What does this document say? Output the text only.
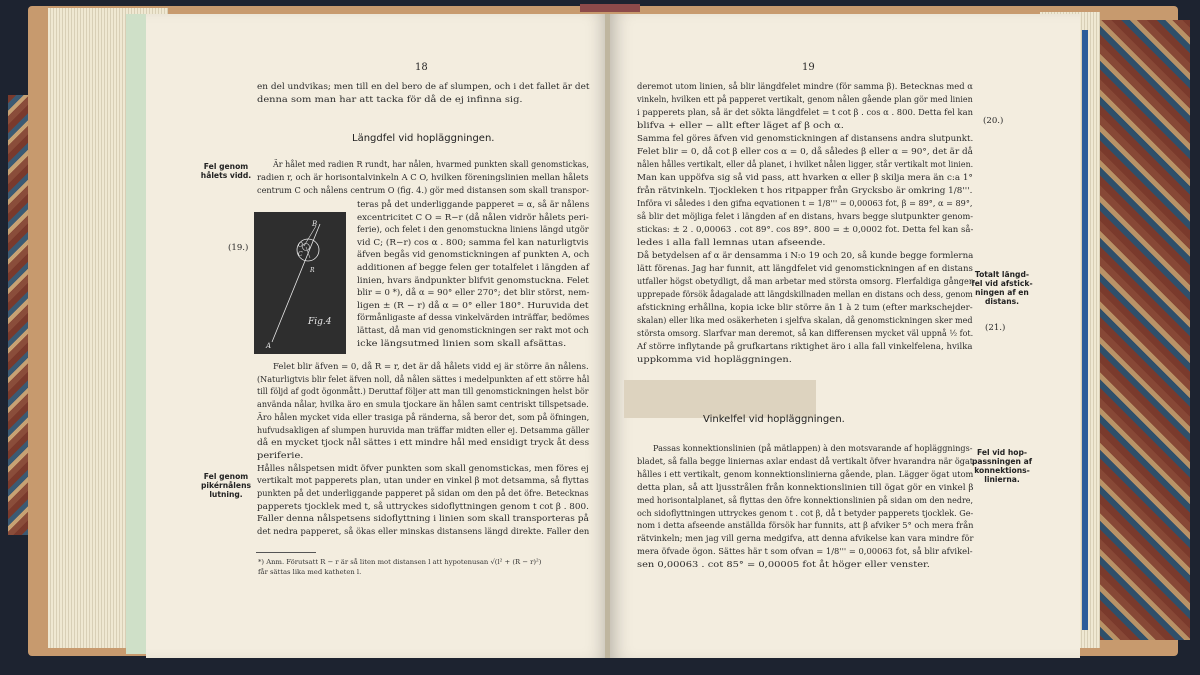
18
en del undvikas; men till en del bero de af slumpen, och i det fallet är det
denna som man har att tacka för då de ej infinna sig.
Längdfel vid hopläggningen.
Fel genom
hålets vidd.
(19.)
Fel genom
pikérnålens
lutning.
B
O
C
R
A
Fig.4
Är hålet med radien R rundt, har nålen, hvarmed punkten skall genomstickas,
radien r, och är horisontalvinkeln A C O, hvilken föreningslinien mellan hålets
centrum C och nålens centrum O (fig. 4.) gör med distansen som skall transpor-
teras på det underliggande papperet = α, så är nålens
excentricitet C O = R−r (då nålen vidrör hålets peri-
ferie), och felet i den genomstuckna liniens längd utgör
vid C; (R−r) cos α . 800; samma fel kan naturligtvis
äfven begås vid genomstickningen af punkten A, och
additionen af begge felen ger totalfelet i längden af
linien, hvars ändpunkter blifvit genomstuckna. Felet
blir = 0 *), då α = 90° eller 270°; det blir störst, nem-
ligen ± (R − r) då α = 0° eller 180°. Huruvida det
förmånligaste af dessa vinkelvärden inträffar, bedömes
lättast, då man vid genomstickningen ser rakt mot och
icke längsutmed linien som skall afsättas.
Felet blir äfven = 0, då R = r, det är då hålets vidd ej är större än nålens.
(Naturligtvis blir felet äfven noll, då nålen sättes i medelpunkten af ett större hål
till följd af godt ögonmått.) Deruttaf följer att man till genomstickningen helst bör
använda nålar, hvilka äro en smula tjockare än hålen samt centriskt tillspetsade.
Äro hålen mycket vida eller trasiga på ränderna, så beror det, som på öfningen,
hufvudsakligen af slumpen huruvida man träffar midten eller ej. Detsamma gäller
då en mycket tjock nål sättes i ett mindre hål med ensidigt tryck åt dess
periferie.
Hålles nålspetsen midt öfver punkten som skall genomstickas, men föres ej
vertikalt mot papperets plan, utan under en vinkel β mot detsamma, så flyttas
punkten på det underliggande papperet på sidan om den på det öfre. Betecknas
papperets tjocklek med t, så uttryckes sidoflyttningen genom t cot β . 800.
Faller denna nålspetsens sidoflyttning i linien som skall transporteras på
det nedra papperet, så ökas eller minskas distansens längd direkte. Faller den
*) Anm. Förutsatt R − r är så liten mot distansen l att hypotenusan √(l² + (R − r)²)
får sättas lika med katheten l.
19
deremot utom linien, så blir längdfelet mindre (för samma β). Betecknas med α
vinkeln, hvilken ett på papperet vertikalt, genom nålen gående plan gör med linien
i papperets plan, så är det sökta längdfelet = t cot β . cos α . 800. Detta fel kan
blifva + eller − allt efter läget af β och α.
Samma fel göres äfven vid genomstickningen af distansens andra slutpunkt.
Felet blir = 0, då cot β eller cos α = 0, då således β eller α = 90°, det är då
nålen hålles vertikalt, eller då planet, i hvilket nålen ligger, står vertikalt mot linien.
Man kan uppöfva sig så vid pass, att hvarken α eller β skilja mera än c:a 1°
från rätvinkeln. Tjockleken t hos ritpapper från Grycksbo är omkring 1/8'''.
Införa vi således i den gifna eqvationen t = 1/8''' = 0,00063 fot, β = 89°, α = 89°,
så blir det möjliga felet i längden af en distans, hvars begge slutpunkter genom-
stickas: ± 2 . 0,00063 . cot 89°. cos 89°. 800 = ± 0,0002 fot. Detta fel kan så-
ledes i alla fall lemnas utan afseende.
Då betydelsen af α är densamma i N:o 19 och 20, så kunde begge formlerna
lätt förenas. Jag har funnit, att längdfelet vid genomstickningen af en distans
utfaller högst obetydligt, då man arbetar med största omsorg. Flerfaldiga gånger
upprepade försök ådagalade att längdskillnaden mellan en distans och dess, genom
afstickning erhållna, kopia icke blir större än 1 à 2 tum (efter markschejder-
skalan) eller lika med osäkerheten i sjelfva skalan, då genomstickningen sker med
största omsorg. Slarfvar man deremot, så kan differensen mycket väl uppnå ½ fot.
Af större inflytande på grufkartans riktighet äro i alla fall vinkelfelena, hvilka
uppkomma vid hopläggningen.
(20.)
(21.)
Totalt längd-
fel vid afstick-
ningen af en
distans.
Vinkelfel vid hopläggningen.
Fel vid hop-
passningen af
konnektions-
linierna.
Passas konnektionslinien (på mätlappen) à den motsvarande af hopläggnings-
bladet, så falla begge liniernas axlar endast då vertikalt öfver hvarandra när ögat
hålles i ett vertikalt, genom konnektionslinierna gående, plan. Lägger ögat utom
detta plan, så att ljusstrålen från konnektionslinien till ögat gör en vinkel β
med horisontalplanet, så flyttas den öfre konnektionslinien på sidan om den nedre,
och sidoflyttningen uttryckes genom t . cot β, då t betyder papperets tjocklek. Ge-
nom i detta afseende anställda försök har funnits, att β afviker 5° och mera från
rätvinkeln; men jag vill gerna medgifva, att denna afvikelse kan vara mindre för
mera öfvade ögon. Sättes här t som ofvan = 1/8''' = 0,00063 fot, så blir afvikel-
sen 0,00063 . cot 85° = 0,00005 fot åt höger eller venster.
